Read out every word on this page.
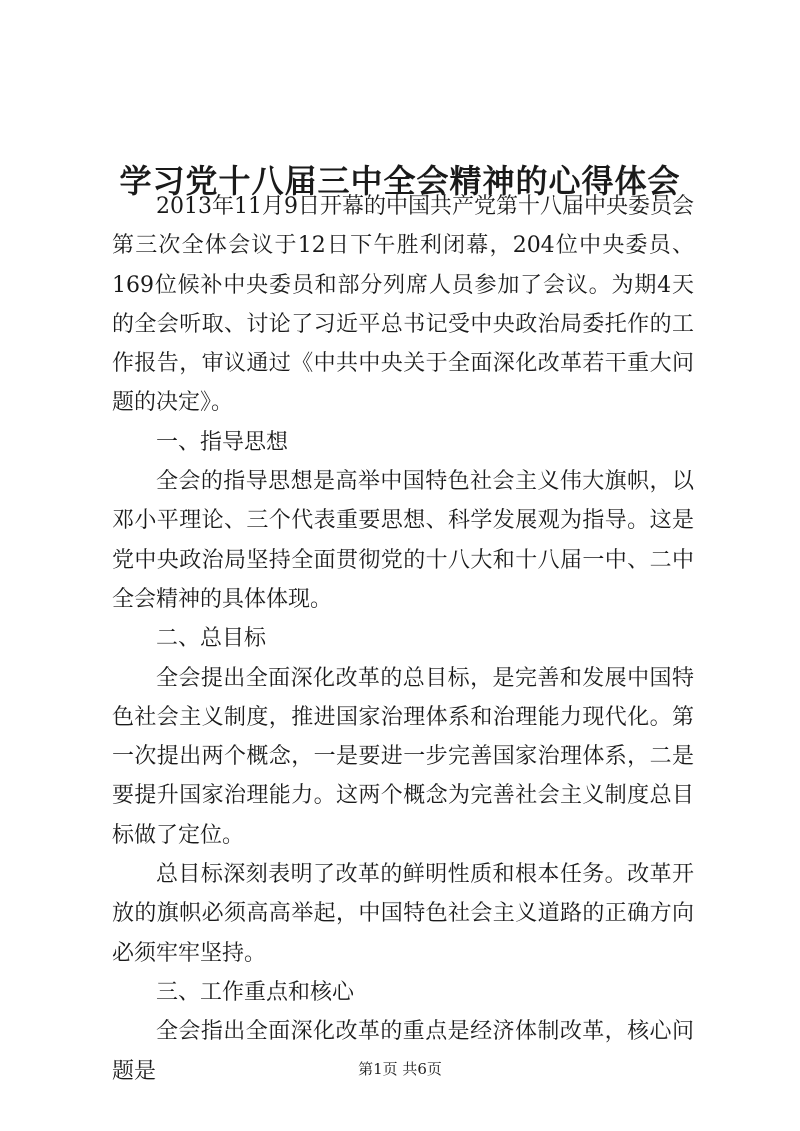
学习党十八届三中全会精神的心得体会

2013年11月9日开幕的中国共产党第十八届中央委员会第三次全体会议于12日下午胜利闭幕，204位中央委员、169位候补中央委员和部分列席人员参加了会议。为期4天的全会听取、讨论了习近平总书记受中央政治局委托作的工作报告，审议通过《中共中央关于全面深化改革若干重大问题的决定》。

一、指导思想

全会的指导思想是高举中国特色社会主义伟大旗帜，以邓小平理论、三个代表重要思想、科学发展观为指导。这是党中央政治局坚持全面贯彻党的十八大和十八届一中、二中全会精神的具体体现。

二、总目标

全会提出全面深化改革的总目标，是完善和发展中国特色社会主义制度，推进国家治理体系和治理能力现代化。第一次提出两个概念，一是要进一步完善国家治理体系，二是要提升国家治理能力。这两个概念为完善社会主义制度总目标做了定位。

总目标深刻表明了改革的鲜明性质和根本任务。改革开放的旗帜必须高高举起，中国特色社会主义道路的正确方向必须牢牢坚持。

三、工作重点和核心

全会指出全面深化改革的重点是经济体制改革，核心问题是	第1页 共6页
